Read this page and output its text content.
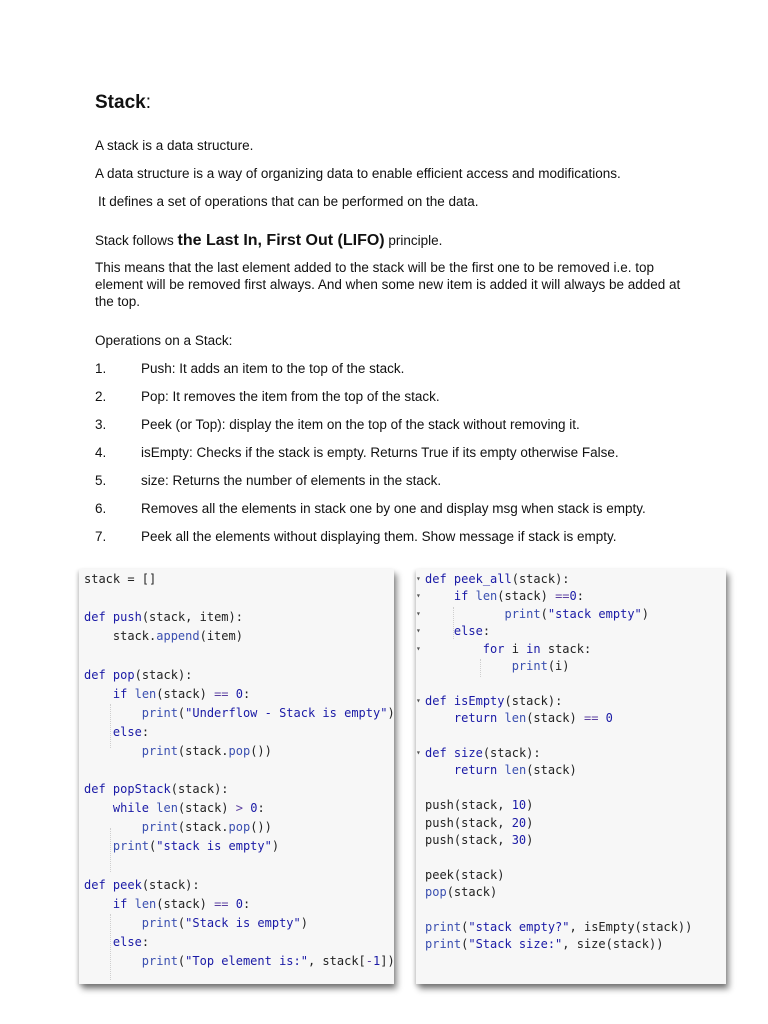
Stack:

A stack is a data structure.

A data structure is a way of organizing data to enable efficient access and modifications.

It defines a set of operations that can be performed on the data.

Stack follows the Last In, First Out (LIFO) principle.

This means that the last element added to the stack will be the first one to be removed i.e. top element will be removed first always. And when some new item is added it will always be added at the top.

Operations on a Stack:

1.	Push: It adds an item to the top of the stack.
2.	Pop: It removes the item from the top of the stack.
3.	Peek (or Top): display the item on the top of the stack without removing it.
4.	isEmpty: Checks if the stack is empty. Returns True if its empty otherwise False.
5.	size: Returns the number of elements in the stack.
6.	Removes all the elements in stack one by one and display msg when stack is empty.
7.	Peek all the elements without displaying them. Show message if stack is empty.
stack = []
def push(stack, item):
stack.append(item)
def pop(stack):
if len(stack) == 0:
print("Underflow - Stack is empty")
else:
print(stack.pop())
def popStack(stack):
while len(stack) > 0:
print(stack.pop())
print("stack is empty")
def peek(stack):
if len(stack) == 0:
print("Stack is empty")
else:
print("Top element is:", stack[-1])
def peek_all(stack):
▾
if len(stack) ==0:
▾
print("stack empty")
▾
else:
▾
for i in stack:
▾
print(i)
def isEmpty(stack):
▾
return len(stack) == 0
def size(stack):
▾
return len(stack)
push(stack, 10)
push(stack, 20)
push(stack, 30)
peek(stack)
pop(stack)
print("stack empty?", isEmpty(stack))
print("Stack size:", size(stack))
